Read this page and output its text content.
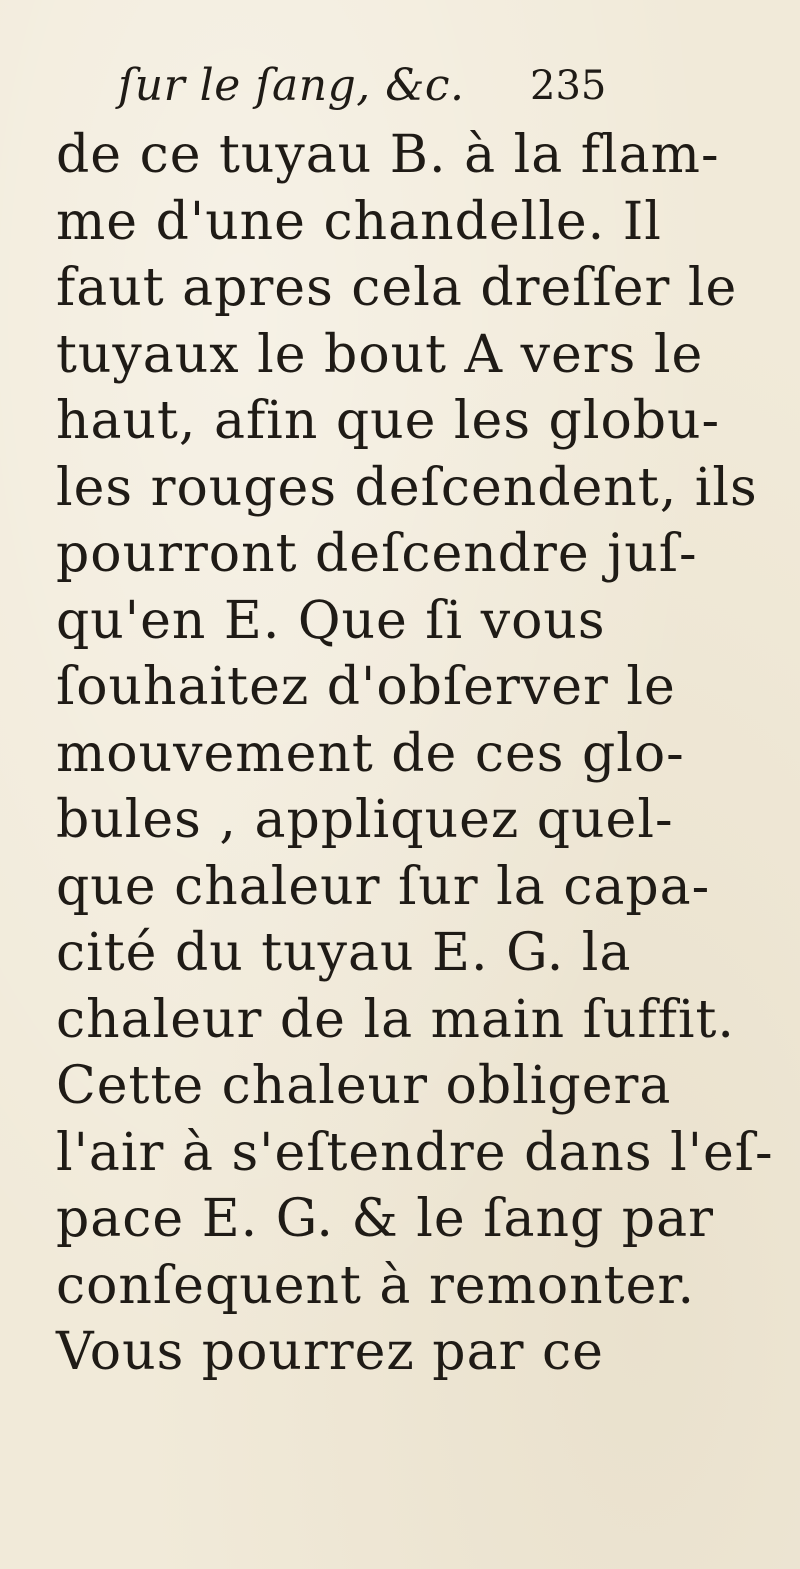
ſur le ſang, &c. 235
de ce tuyau B. à la flam-
me d'une chandelle. Il
faut apres cela dreſſer le
tuyaux le bout A vers le
haut, afin que les globu-
les rouges deſcendent, ils
pourront deſcendre juſ-
qu'en E. Que ſi vous
ſouhaitez d'obſerver le
mouvement de ces glo-
bules , appliquez quel-
que chaleur ſur la capa-
cité du tuyau E. G. la
chaleur de la main ſuffit.
Cette chaleur obligera
l'air à s'eſtendre dans l'eſ-
pace E. G. & le ſang par
conſequent à remonter.
Vous pourrez par ce
